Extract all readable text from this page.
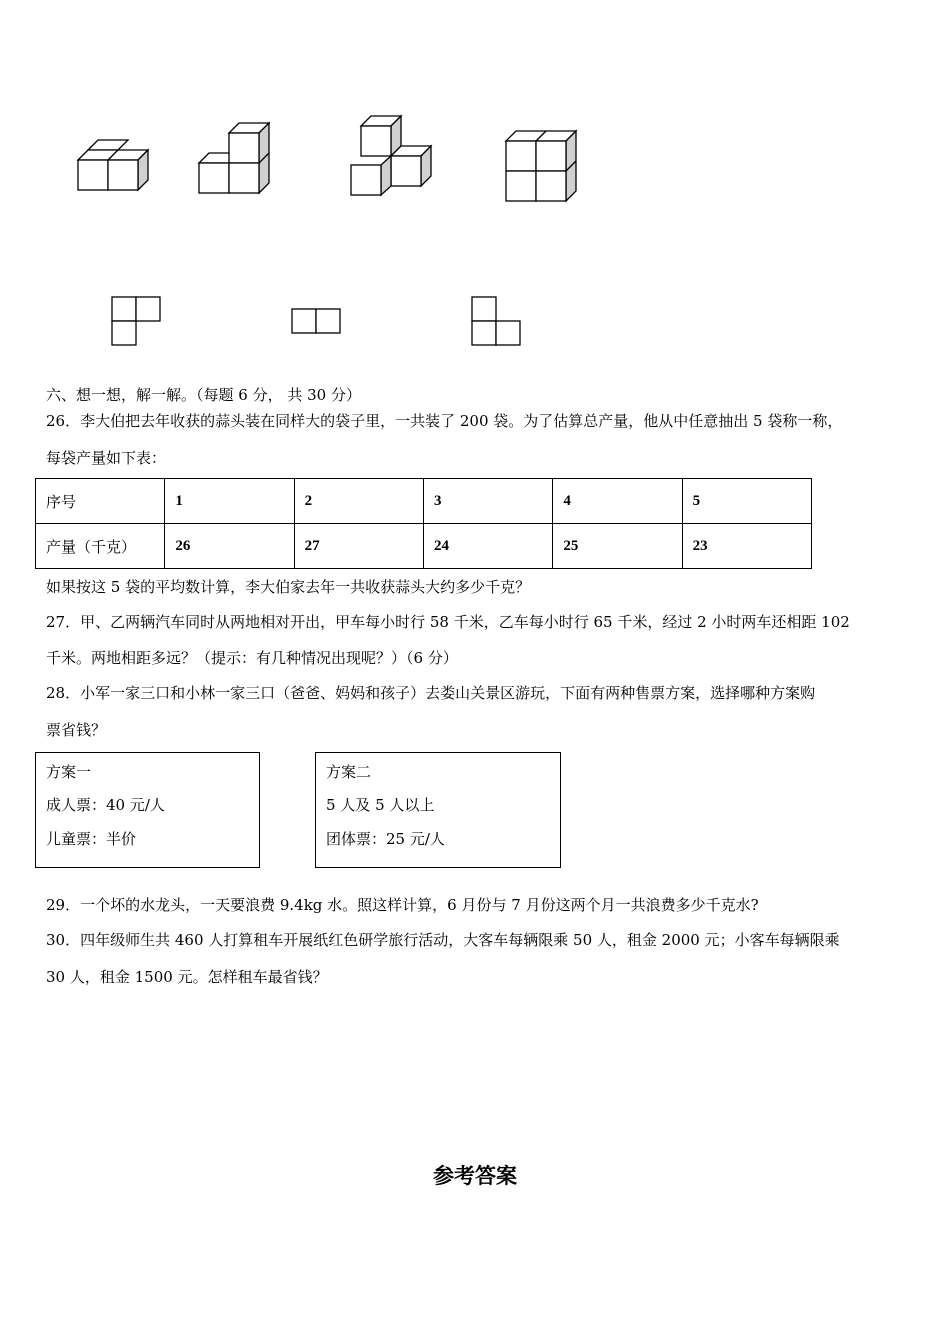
六、想一想，解一解。（每题 6 分， 共 30 分）
26．李大伯把去年收获的蒜头装在同样大的袋子里，一共装了 200 袋。为了估算总产量，他从中任意抽出 5 袋称一称，
每袋产量如下表：
序号	1	2	3	4	5
产量（千克）	26	27	24	25	23
如果按这 5 袋的平均数计算，李大伯家去年一共收获蒜头大约多少千克？
27．甲、乙两辆汽车同时从两地相对开出，甲车每小时行 58 千米，乙车每小时行 65 千米，经过 2 小时两车还相距 102
千米。两地相距多远？（提示：有几种情况出现呢？）（6 分）
28．小军一家三口和小林一家三口（爸爸、妈妈和孩子）去娄山关景区游玩，下面有两种售票方案，选择哪种方案购
票省钱？
方案一
成人票：40 元/人
儿童票：半价
方案二
5 人及 5 人以上
团体票：25 元/人
29．一个坏的水龙头，一天要浪费 9.4kg 水。照这样计算，6 月份与 7 月份这两个月一共浪费多少千克水?
30．四年级师生共 460 人打算租车开展纸红色研学旅行活动，大客车每辆限乘 50 人，租金 2000 元；小客车每辆限乘
30 人，租金 1500 元。怎样租车最省钱？
参考答案
